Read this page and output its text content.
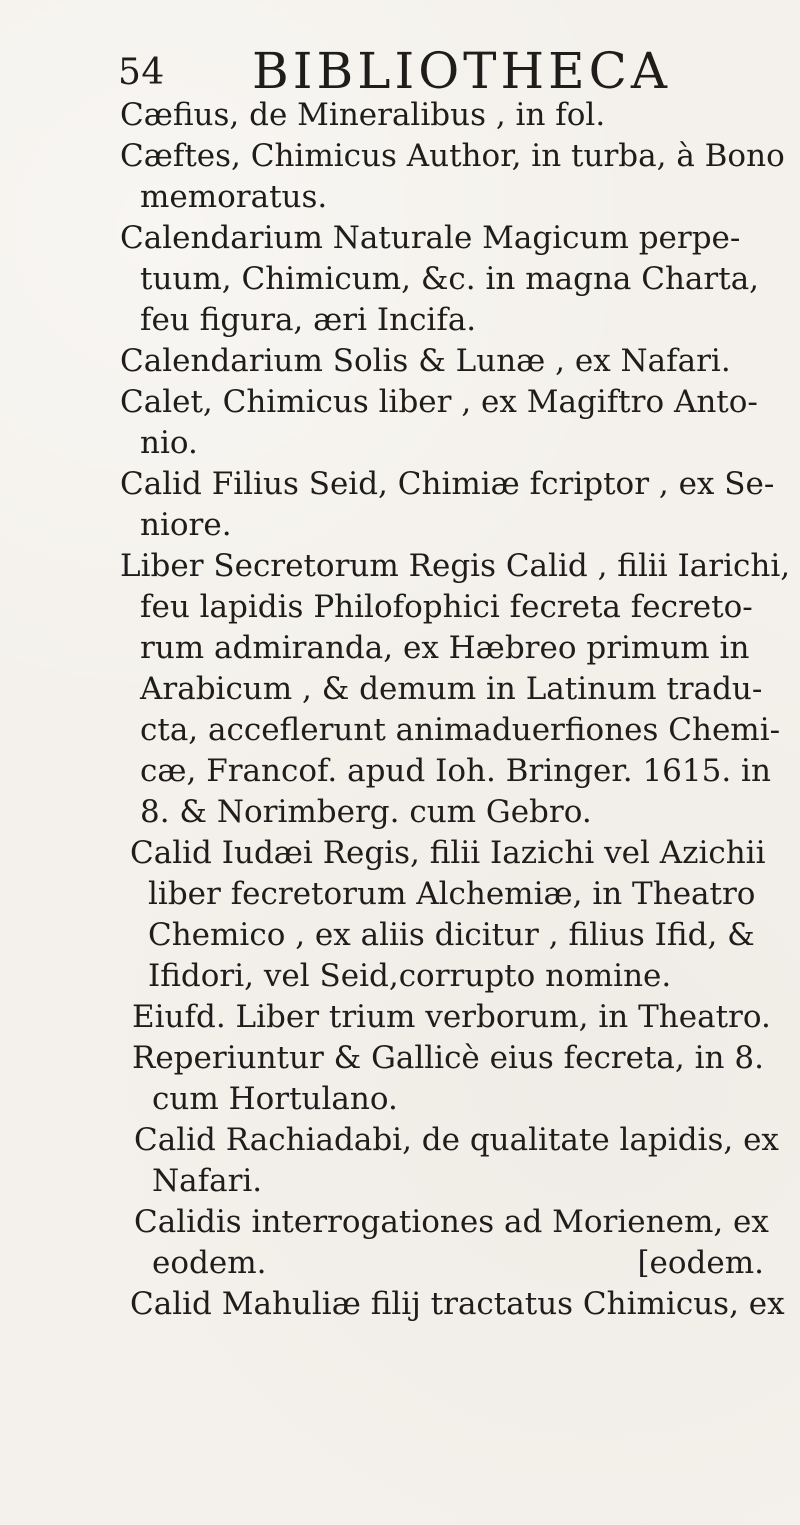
54 BIBLIOTHECA
Cæfius, de Mineralibus , in fol.
Cæftes, Chimicus Author, in turba, à Bono
memoratus.
Calendarium Naturale Magicum perpe-
tuum, Chimicum, &c. in magna Charta,
feu figura, æri Incifa.
Calendarium Solis & Lunæ , ex Nafari.
Calet, Chimicus liber , ex Magiftro Anto-
nio.
Calid Filius Seid, Chimiæ fcriptor , ex Se-
niore.
Liber Secretorum Regis Calid , filii Iarichi,
feu lapidis Philofophici fecreta fecreto-
rum admiranda, ex Hæbreo primum in
Arabicum , & demum in Latinum tradu-
cta, acceflerunt animaduerfiones Chemi-
cæ, Francof. apud Ioh. Bringer. 1615. in
8. & Norimberg. cum Gebro.
Calid Iudæi Regis, filii Iazichi vel Azichii
liber fecretorum Alchemiæ, in Theatro
Chemico , ex aliis dicitur , filius Ifid, &
Ifidori, vel Seid,corrupto nomine.
Eiufd. Liber trium verborum, in Theatro.
Reperiuntur & Gallicè eius fecreta, in 8.
cum Hortulano.
Calid Rachiadabi, de qualitate lapidis, ex
Nafari.
Calidis interrogationes ad Morienem, ex
eodem.	[eodem.
Calid Mahuliæ filij tractatus Chimicus, ex
